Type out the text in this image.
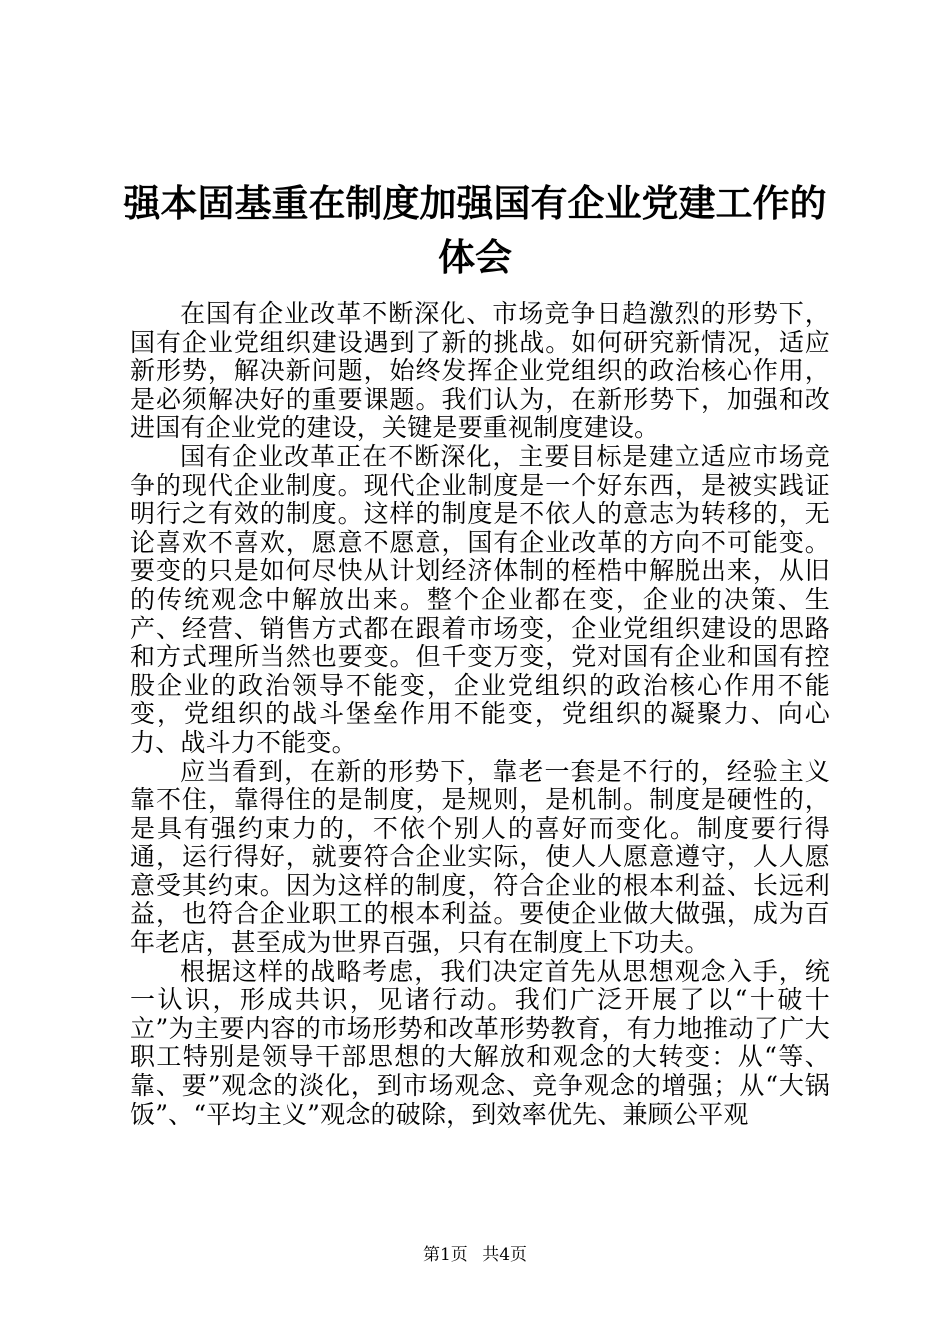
强本固基重在制度加强国有企业党建工作的体会

在国有企业改革不断深化、市场竞争日趋激烈的形势下，国有企业党组织建设遇到了新的挑战。如何研究新情况，适应新形势，解决新问题，始终发挥企业党组织的政治核心作用，是必须解决好的重要课题。我们认为，在新形势下，加强和改进国有企业党的建设，关键是要重视制度建设。

国有企业改革正在不断深化，主要目标是建立适应市场竞争的现代企业制度。现代企业制度是一个好东西，是被实践证明行之有效的制度。这样的制度是不依人的意志为转移的，无论喜欢不喜欢，愿意不愿意，国有企业改革的方向不可能变。要变的只是如何尽快从计划经济体制的桎梏中解脱出来，从旧的传统观念中解放出来。整个企业都在变，企业的决策、生产、经营、销售方式都在跟着市场变，企业党组织建设的思路和方式理所当然也要变。但千变万变，党对国有企业和国有控股企业的政治领导不能变，企业党组织的政治核心作用不能变，党组织的战斗堡垒作用不能变，党组织的凝聚力、向心力、战斗力不能变。

应当看到，在新的形势下，靠老一套是不行的，经验主义靠不住，靠得住的是制度，是规则，是机制。制度是硬性的，是具有强约束力的，不依个别人的喜好而变化。制度要行得通，运行得好，就要符合企业实际，使人人愿意遵守，人人愿意受其约束。因为这样的制度，符合企业的根本利益、长远利益，也符合企业职工的根本利益。要使企业做大做强，成为百年老店，甚至成为世界百强，只有在制度上下功夫。

根据这样的战略考虑，我们决定首先从思想观念入手，统一认识，形成共识，见诸行动。我们广泛开展了以“十破十立”为主要内容的市场形势和改革形势教育，有力地推动了广大职工特别是领导干部思想的大解放和观念的大转变：从“等、靠、要”观念的淡化，到市场观念、竞争观念的增强；从“大锅饭”、“平均主义”观念的破除，到效率优先、兼顾公平观

第1页 共4页
